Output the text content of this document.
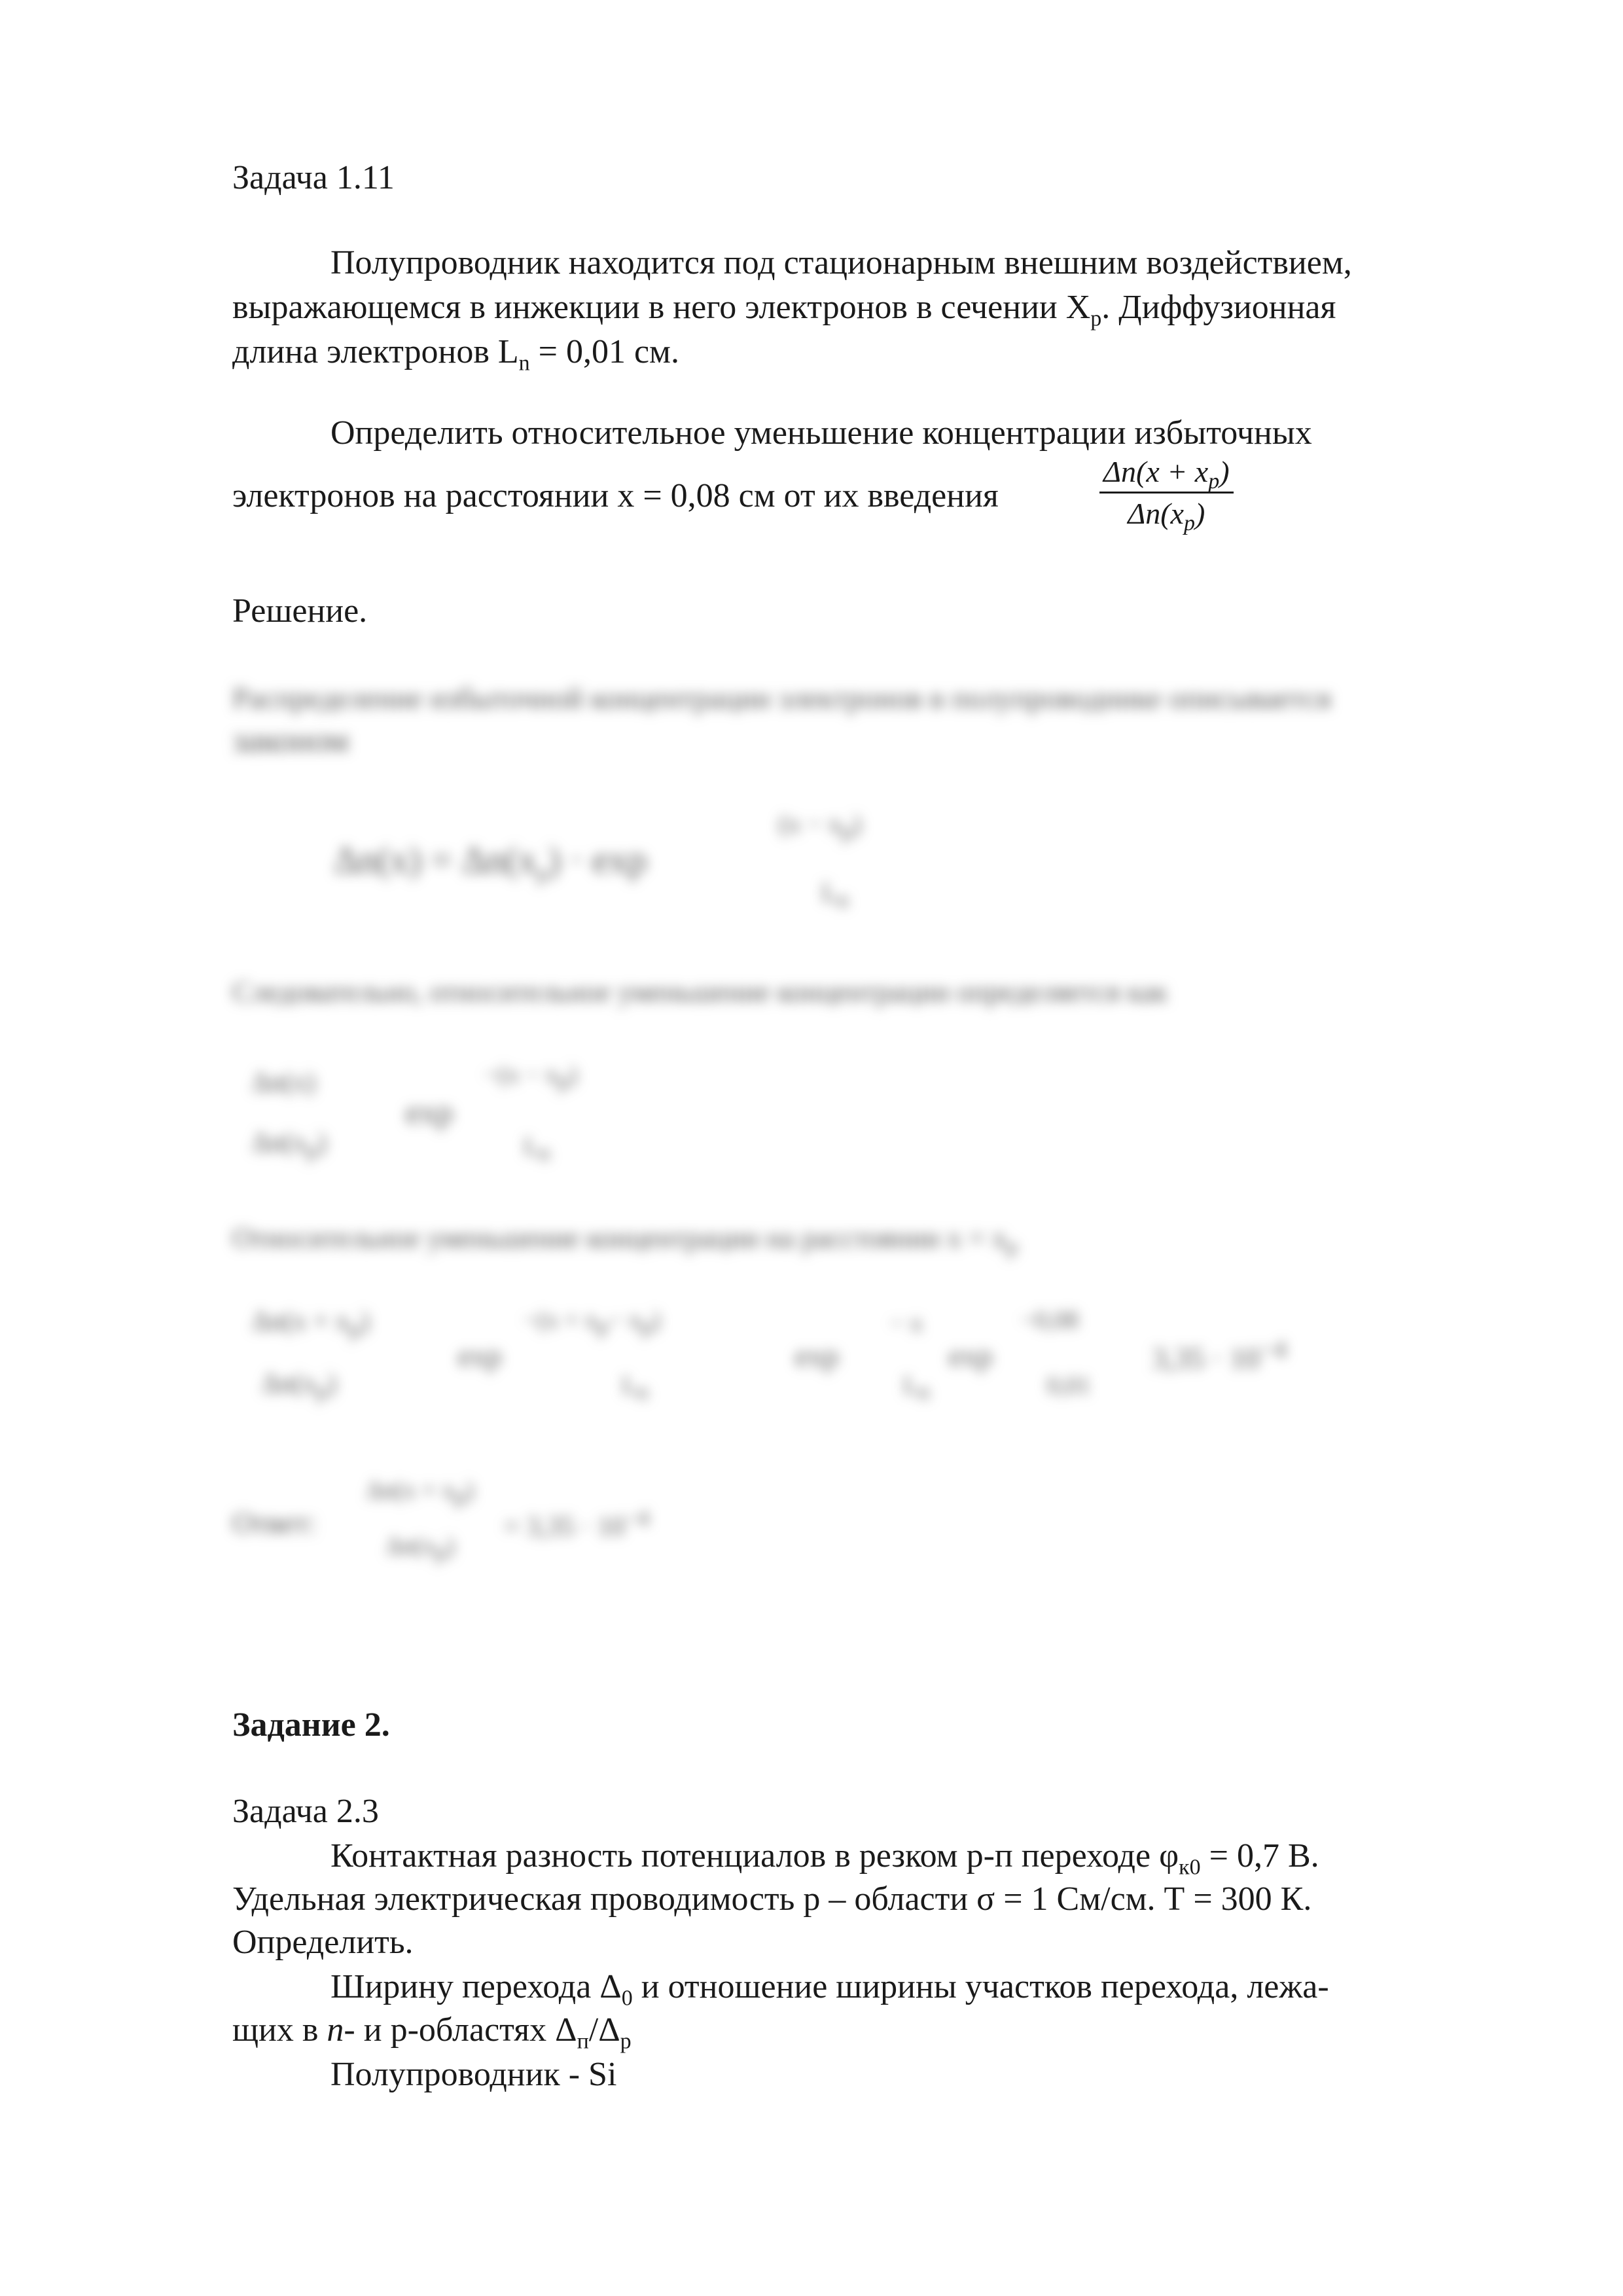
Задача 1.11
Полупроводник находится под стационарным внешним воздействием,
выражающемся в инжекции в него электронов в сечении $X_p$. Диффузионная
длина электронов $L_n = 0,01$ см.
Определить относительное уменьшение концентрации избыточных
электронов на расстоянии x = 0,08 см от их введения
$\Delta n(x + x_p)$
$\Delta n(x_p)$
Решение.
Распределение избыточной концентрации электронов в полупроводнике описывается
законом
$\Delta n(x) = \Delta n(x_p) \cdot \exp$
$(x - x_p)$
$L_n$
Следовательно, относительное уменьшение концентрации определяется как
Δn(x)
exp
$-(x - x_p)$
$\Delta n(x_p)$	$L_n$
Относительное уменьшение концентрации на расстоянии $x = x_p$
$\Delta n(x + x_p)$
$\Delta n(x_p)$
exp
$-(x + x_p- x_p)$
$L_n$
exp
− x
$L_n$
exp
−0,08
0,01
$3,35 \cdot 10^{-4}$
Ответ:
$\Delta n(x + x_p)$
$\Delta n(x_p)$
= $3,35 \cdot 10^{-4}$
Задание 2.
Задача 2.3
Контактная разность потенциалов в резком р-п переходе $\varphi_{к0} = 0,7$ В.
Удельная электрическая проводимость р – области σ = 1 См/см. Т = 300 К.
Определить.
Ширину перехода $\Delta_0$ и отношение ширины участков перехода, лежа-
щих в n- и р-областях $\Delta_п/\Delta_р$
Полупроводник - Si
